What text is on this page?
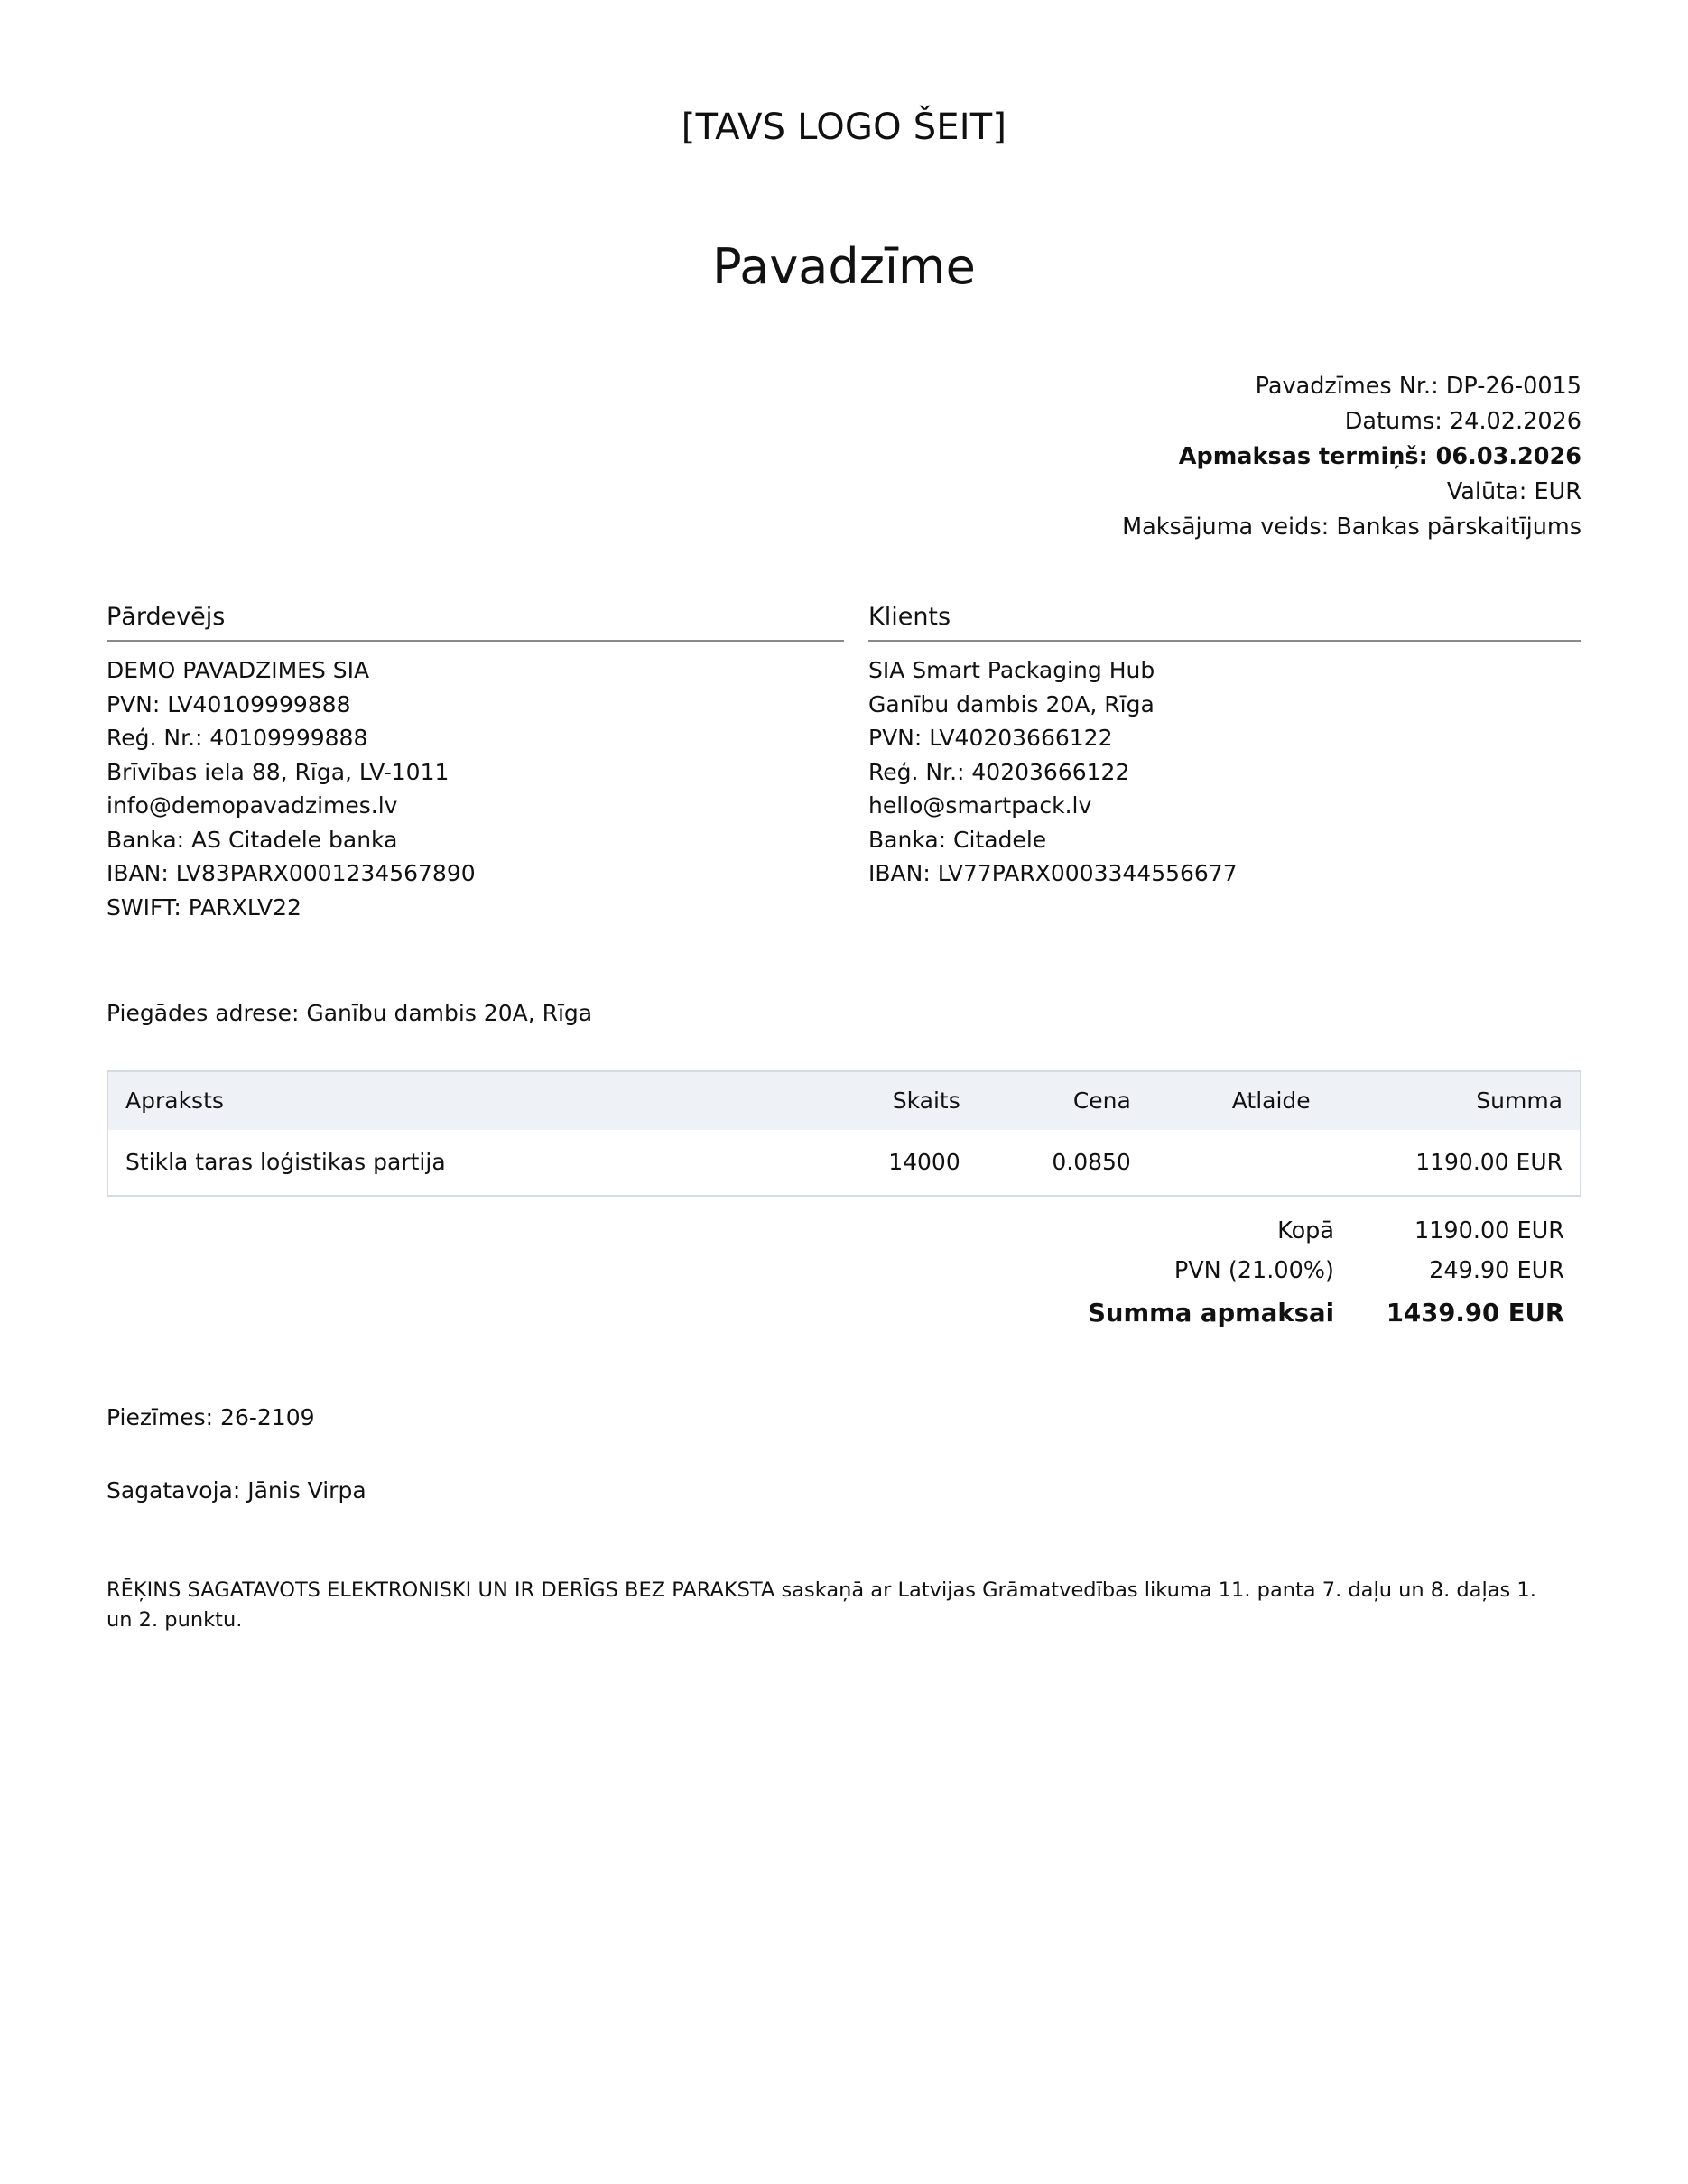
[TAVS LOGO ŠEIT]
Pavadzīme
Pavadzīmes Nr.: DP-26-0015
Datums: 24.02.2026
Apmaksas termiņš: 06.03.2026
Valūta: EUR
Maksājuma veids: Bankas pārskaitījums
Pārdevējs
DEMO PAVADZIMES SIA
PVN: LV40109999888
Reģ. Nr.: 40109999888
Brīvības iela 88, Rīga, LV-1011
info@demopavadzimes.lv
Banka: AS Citadele banka
IBAN: LV83PARX0001234567890
SWIFT: PARXLV22
Klients
SIA Smart Packaging Hub
Ganību dambis 20A, Rīga
PVN: LV40203666122
Reģ. Nr.: 40203666122
hello@smartpack.lv
Banka: Citadele
IBAN: LV77PARX0003344556677
Piegādes adrese: Ganību dambis 20A, Rīga
Apraksts	Skaits	Cena	Atlaide	Summa
Stikla taras loģistikas partija	14000	0.0850		1190.00 EUR
Kopā	1190.00 EUR
PVN (21.00%)	249.90 EUR
Summa apmaksai	1439.90 EUR
Piezīmes: 26-2109
Sagatavoja: Jānis Virpa
RĒĶINS SAGATAVOTS ELEKTRONISKI UN IR DERĪGS BEZ PARAKSTA saskaņā ar Latvijas Grāmatvedības likuma 11. panta 7. daļu un 8. daļas 1. un 2. punktu.
